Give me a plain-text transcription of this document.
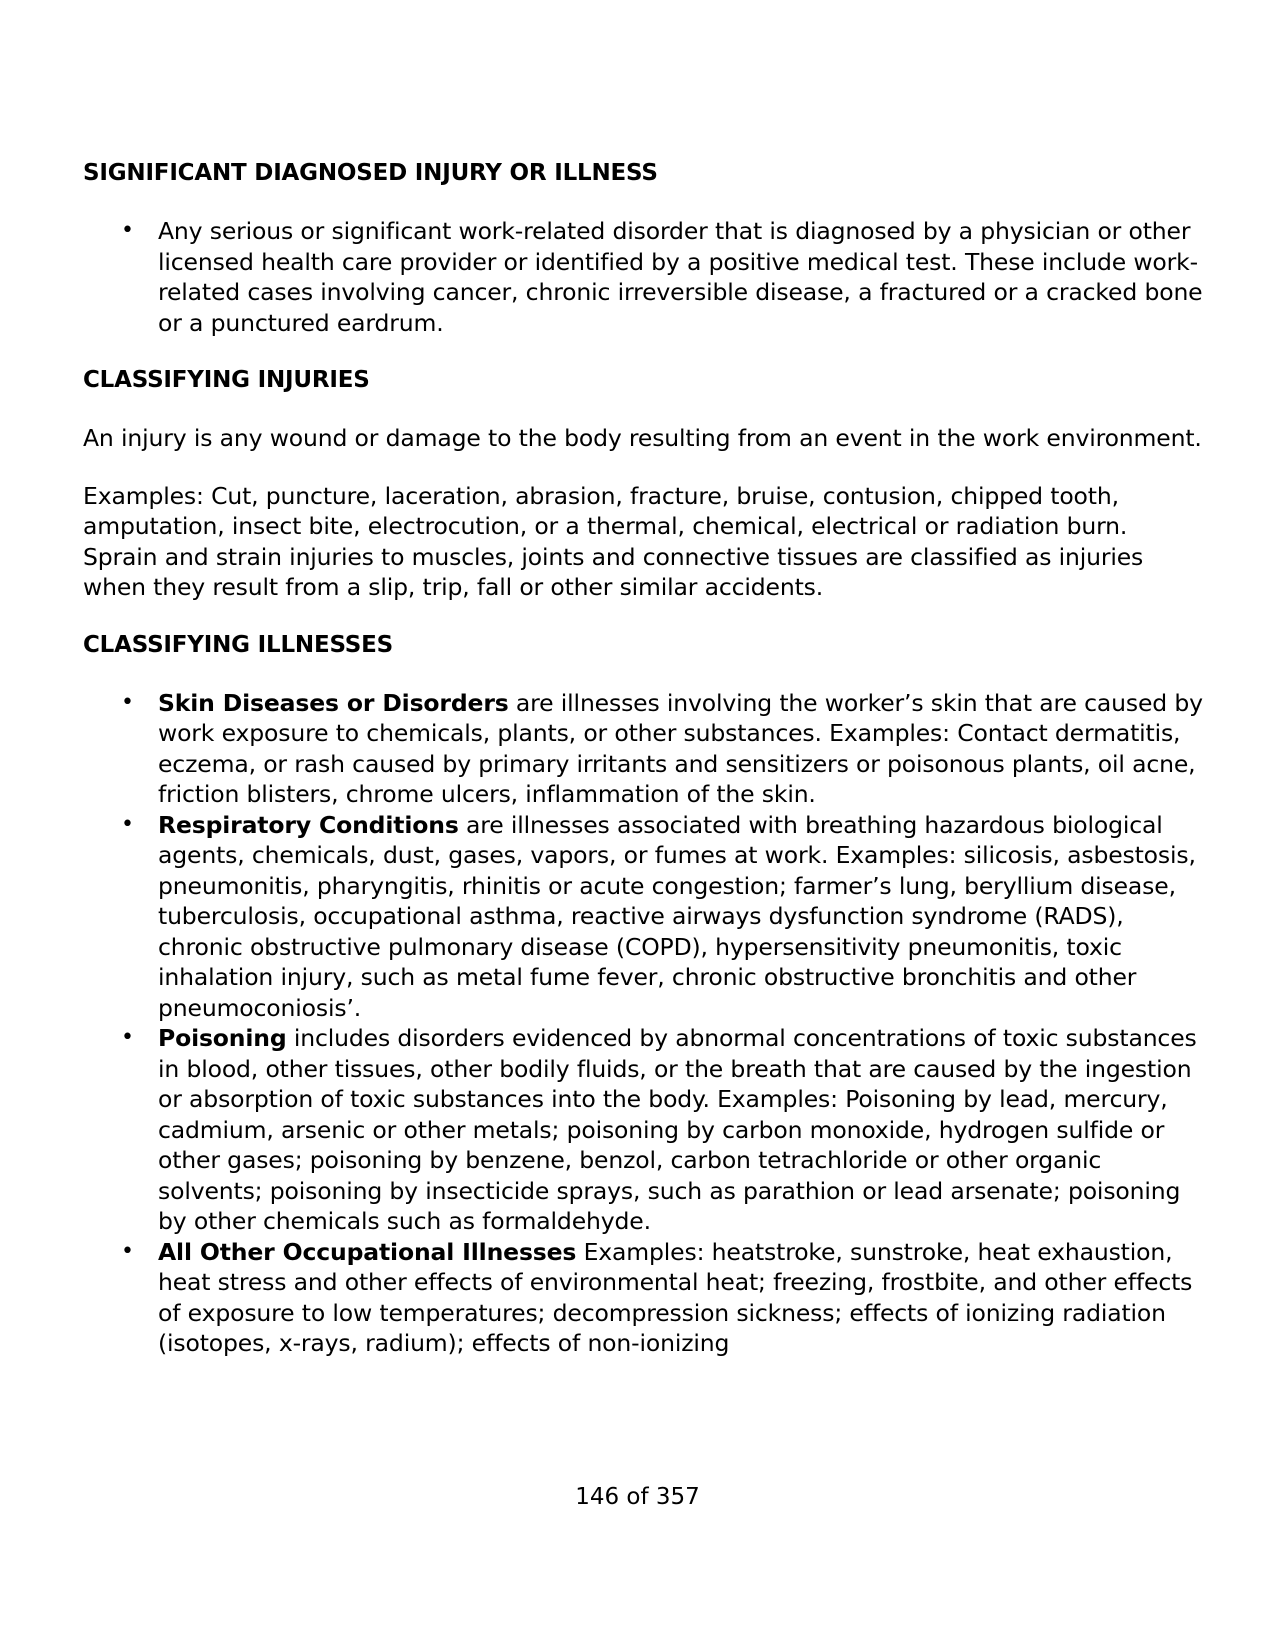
SIGNIFICANT DIAGNOSED INJURY OR ILLNESS
• Any serious or significant work-related disorder that is diagnosed by a physician or other licensed health care provider or identified by a positive medical test. These include work-related cases involving cancer, chronic irreversible disease, a fractured or a cracked bone or a punctured eardrum.
CLASSIFYING INJURIES

An injury is any wound or damage to the body resulting from an event in the work environment.

Examples: Cut, puncture, laceration, abrasion, fracture, bruise, contusion, chipped tooth, amputation, insect bite, electrocution, or a thermal, chemical, electrical or radiation burn. Sprain and strain injuries to muscles, joints and connective tissues are classified as injuries when they result from a slip, trip, fall or other similar accidents.

CLASSIFYING ILLNESSES
• Skin Diseases or Disorders are illnesses involving the worker’s skin that are caused by work exposure to chemicals, plants, or other substances. Examples: Contact dermatitis, eczema, or rash caused by primary irritants and sensitizers or poisonous plants, oil acne, friction blisters, chrome ulcers, inflammation of the skin.
• Respiratory Conditions are illnesses associated with breathing hazardous biological agents, chemicals, dust, gases, vapors, or fumes at work. Examples: silicosis, asbestosis, pneumonitis, pharyngitis, rhinitis or acute congestion; farmer’s lung, beryllium disease, tuberculosis, occupational asthma, reactive airways dysfunction syndrome (RADS), chronic obstructive pulmonary disease (COPD), hypersensitivity pneumonitis, toxic inhalation injury, such as metal fume fever, chronic obstructive bronchitis and other pneumoconiosis’.
• Poisoning includes disorders evidenced by abnormal concentrations of toxic substances in blood, other tissues, other bodily fluids, or the breath that are caused by the ingestion or absorption of toxic substances into the body. Examples: Poisoning by lead, mercury, cadmium, arsenic or other metals; poisoning by carbon monoxide, hydrogen sulfide or other gases; poisoning by benzene, benzol, carbon tetrachloride or other organic solvents; poisoning by insecticide sprays, such as parathion or lead arsenate; poisoning by other chemicals such as formaldehyde.
• All Other Occupational Illnesses Examples: heatstroke, sunstroke, heat exhaustion, heat stress and other effects of environmental heat; freezing, frostbite, and other effects of exposure to low temperatures; decompression sickness; effects of ionizing radiation (isotopes, x-rays, radium); effects of non-ionizing
146 of 357
